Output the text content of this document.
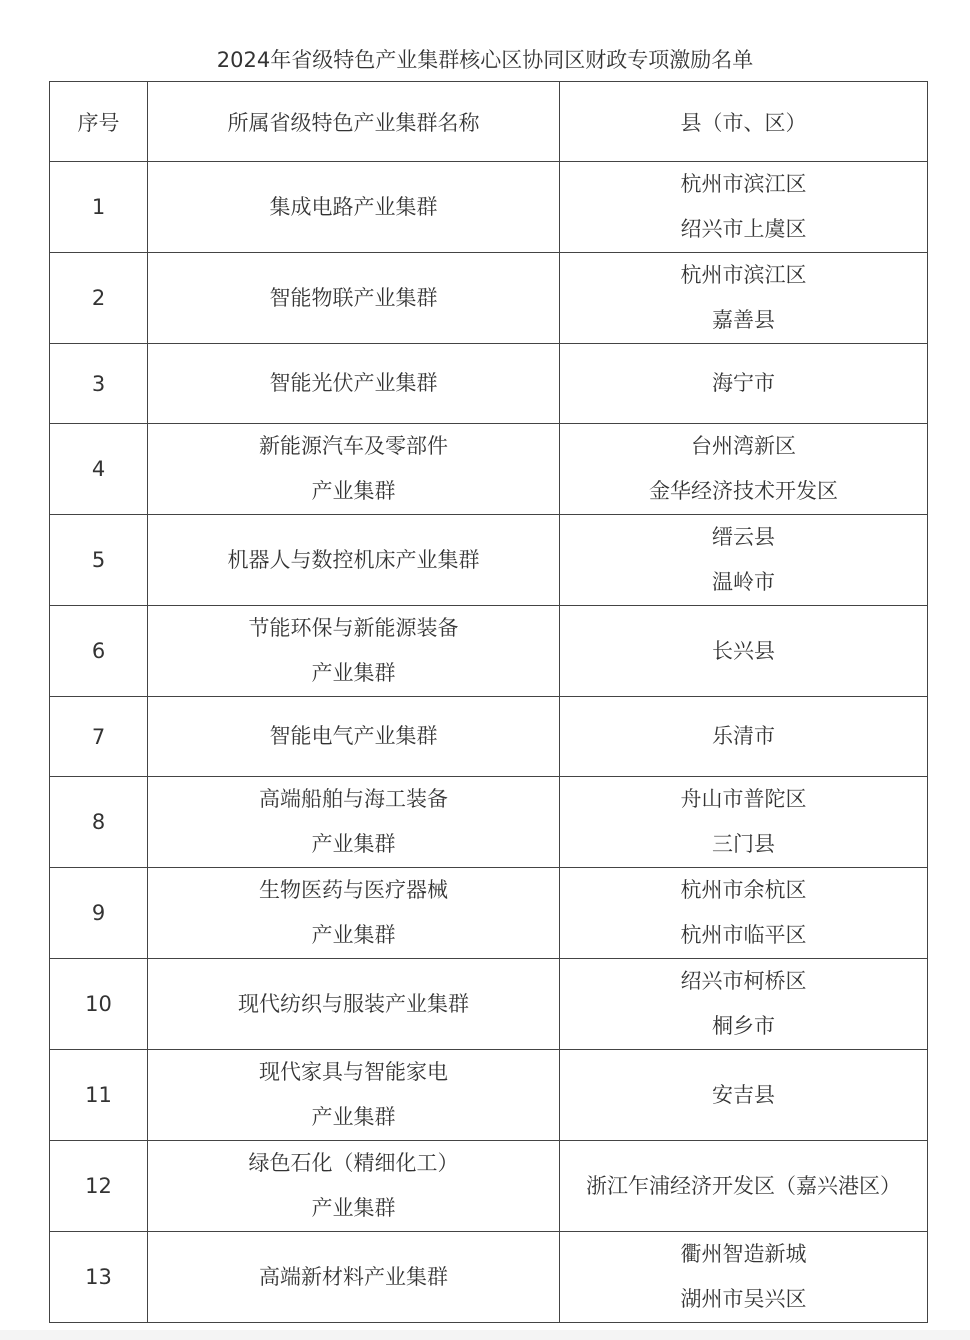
2024年省级特色产业集群核心区协同区财政专项激励名单
序号	所属省级特色产业集群名称	县（市、区）
1	集成电路产业集群	杭州市滨江区
绍兴市上虞区

2	智能物联产业集群	杭州市滨江区
嘉善县

3	智能光伏产业集群	海宁市

4	新能源汽车及零部件
产业集群	台州湾新区
金华经济技术开发区

5	机器人与数控机床产业集群	缙云县
温岭市

6	节能环保与新能源装备
产业集群	长兴县

7	智能电气产业集群	乐清市

8	高端船舶与海工装备
产业集群	舟山市普陀区
三门县

9	生物医药与医疗器械
产业集群	杭州市余杭区
杭州市临平区

10	现代纺织与服装产业集群	绍兴市柯桥区
桐乡市

11	现代家具与智能家电
产业集群	安吉县

12	绿色石化（精细化工）
产业集群	浙江乍浦经济开发区（嘉兴港区）

13	高端新材料产业集群	衢州智造新城
湖州市吴兴区
